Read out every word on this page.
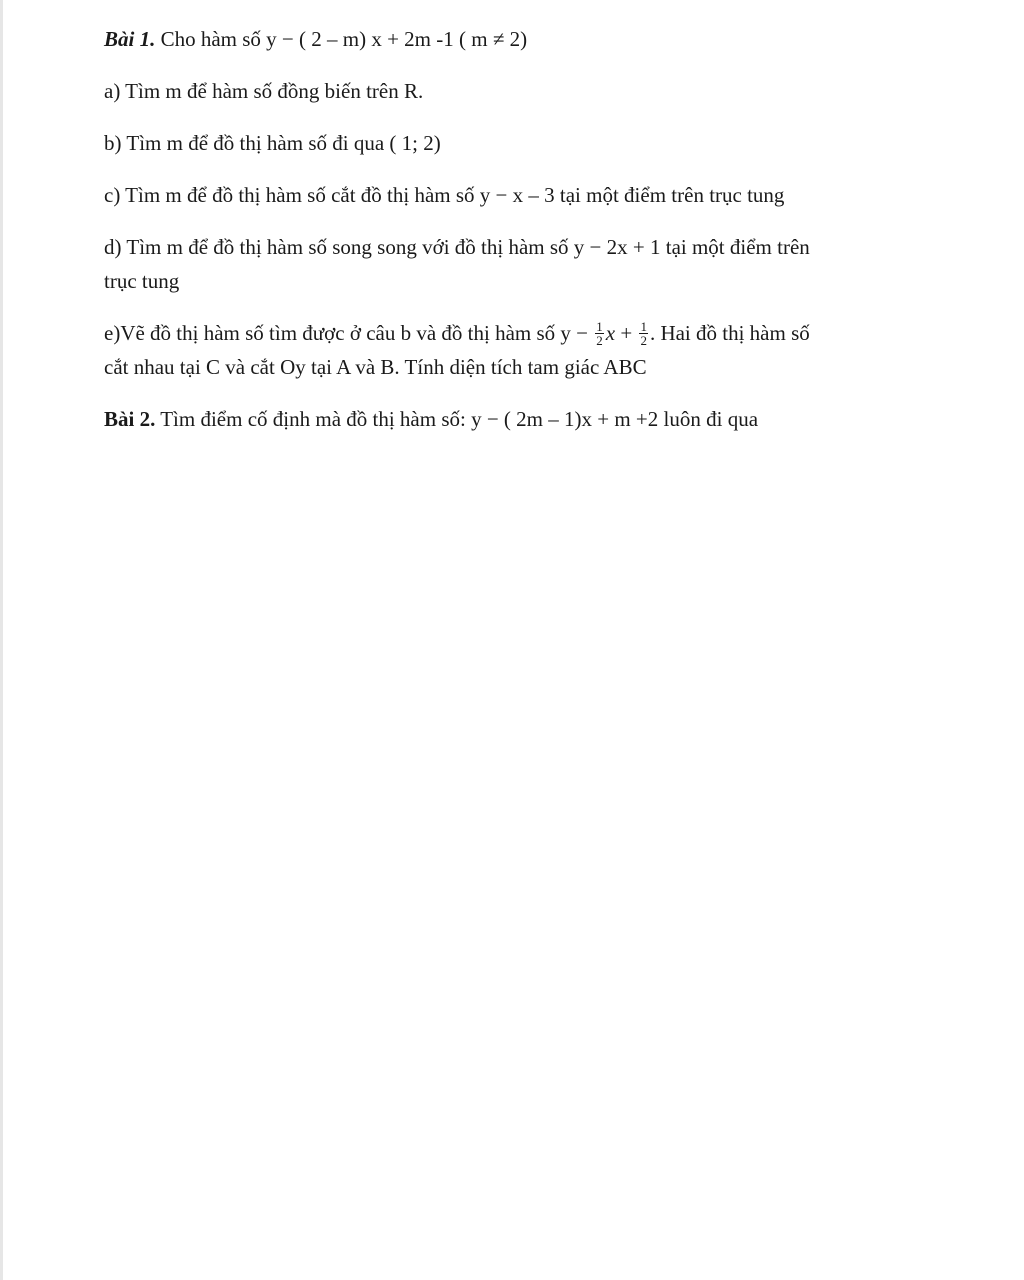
Bài 1. Cho hàm số y − ( 2 – m) x + 2m -1 ( m ≠ 2)

a) Tìm m để hàm số đồng biến trên R.

b) Tìm m để đồ thị hàm số đi qua ( 1; 2)

c) Tìm m để đồ thị hàm số cắt đồ thị hàm số y − x – 3 tại một điểm trên trục tung

d) Tìm m để đồ thị hàm số song song với đồ thị hàm số y − 2x + 1 tại một điểm trên

trục tung

e)Vẽ đồ thị hàm số tìm được ở câu b và đồ thị hàm số $y - \frac{1}{2}$ $x + \frac{1}{2}$ . Hai đồ thị hàm số

cắt nhau tại C và cắt Oy tại A và B. Tính diện tích tam giác ABC

Bài 2. Tìm điểm cố định mà đồ thị hàm số: y − ( 2m – 1)x + m +2 luôn đi qua
